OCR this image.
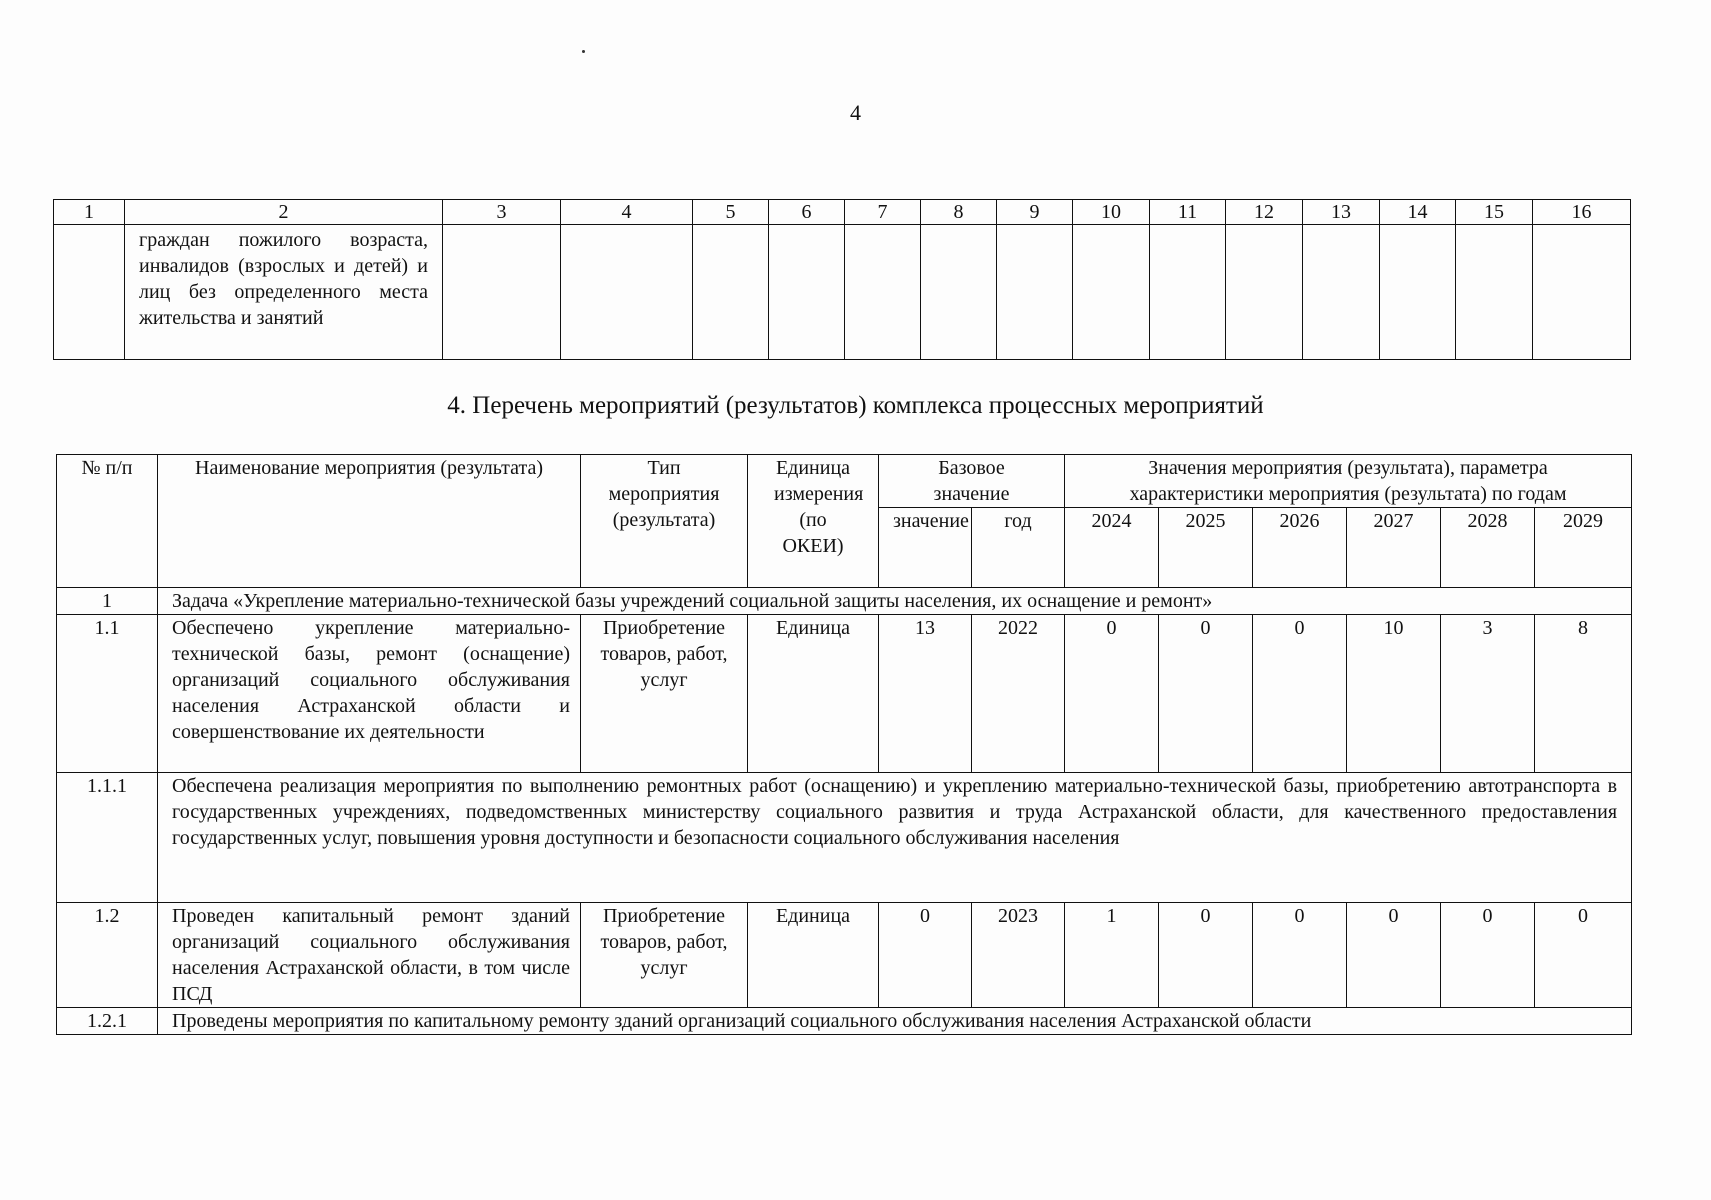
4
1	2	3	4	5	6	7	8	9	10	11	12	13	14	15	16
	граждан пожилого возраста, инвалидов (взрослых и детей) и лиц без определенного места жительства и занятий														
4. Перечень мероприятий (результатов) комплекса процессных мероприятий
№ п/п	Наименование мероприятия (результата)	Тип мероприятия (результата)	Единица измерения (по ОКЕИ)	Базовое значение		Значения мероприятия (результата), параметра характеристики мероприятия (результата) по годам					
				значение	год	2024	2025	2026	2027	2028	2029
1	Задача «Укрепление материально-технической базы учреждений социальной защиты населения, их оснащение и ремонт»										
1.1	Обеспечено укрепление материально-технической базы, ремонт (оснащение) организаций социального обслуживания населения Астраханской области и совершенствование их деятельности	Приобретение товаров, работ, услуг	Единица	13	2022	0	0	0	10	3	8
1.1.1	Обеспечена реализация мероприятия по выполнению ремонтных работ (оснащению) и укреплению материально-технической базы, приобретению автотранспорта в государственных учреждениях, подведомственных министерству социального развития и труда Астраханской области, для качественного предоставления государственных услуг, повышения уровня доступности и безопасности социального обслуживания населения										
1.2	Проведен капитальный ремонт зданий организаций социального обслуживания населения Астраханской области, в том числе ПСД	Приобретение товаров, работ, услуг	Единица	0	2023	1	0	0	0	0	0
1.2.1	Проведены мероприятия по капитальному ремонту зданий организаций социального обслуживания населения Астраханской области										
